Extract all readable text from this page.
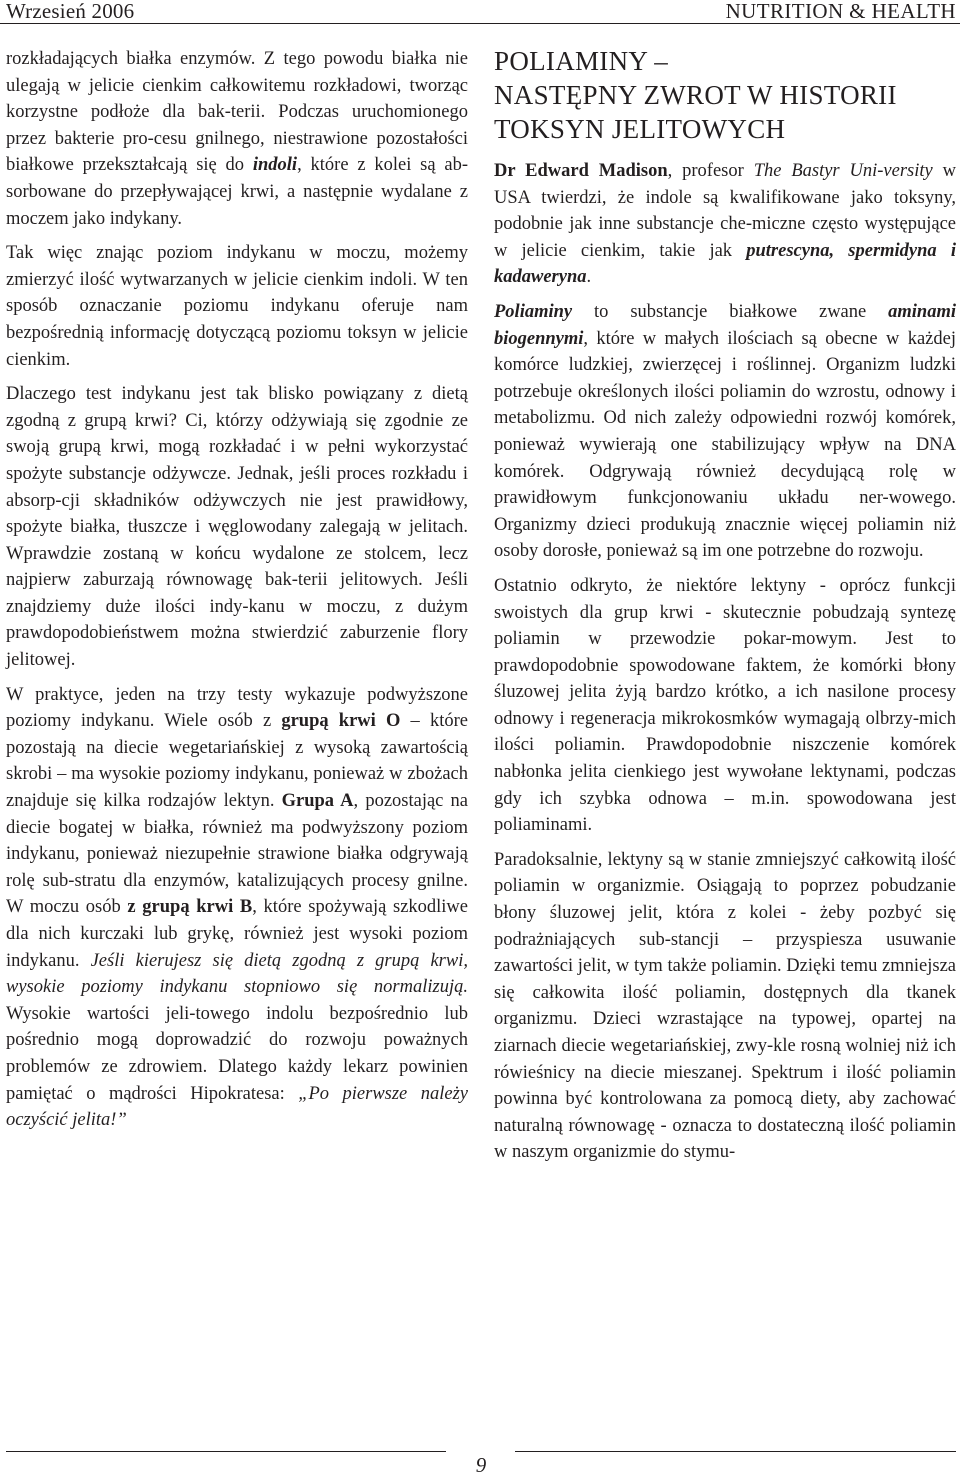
Wrzesień 2006	NUTRITION & HEALTH

rozkładających białka enzymów. Z tego powodu białka nie ulegają w jelicie cienkim całkowitemu rozkładowi, tworząc korzystne podłoże dla bak-terii. Podczas uruchomionego przez bakterie pro-cesu gnilnego, niestrawione pozostałości białkowe przekształcają się do indoli, które z kolei są ab-sorbowane do przepływającej krwi, a następnie wydalane z moczem jako indykany.

Tak więc znając poziom indykanu w moczu, możemy zmierzyć ilość wytwarzanych w jelicie cienkim indoli. W ten sposób oznaczanie poziomu indykanu oferuje nam bezpośrednią informację dotyczącą poziomu toksyn w jelicie cienkim.

Dlaczego test indykanu jest tak blisko powiązany z dietą zgodną z grupą krwi? Ci, którzy odżywiają się zgodnie ze swoją grupą krwi, mogą rozkładać i w pełni wykorzystać spożyte substancje odżywcze. Jednak, jeśli proces rozkładu i absorp-cji składników odżywczych nie jest prawidłowy, spożyte białka, tłuszcze i węglowodany zalegają w jelitach. Wprawdzie zostaną w końcu wydalone ze stolcem, lecz najpierw zaburzają równowagę bak-terii jelitowych. Jeśli znajdziemy duże ilości indy-kanu w moczu, z dużym prawdopodobieństwem można stwierdzić zaburzenie flory jelitowej.

W praktyce, jeden na trzy testy wykazuje podwyższone poziomy indykanu. Wiele osób z grupą krwi O – które pozostają na diecie wegetariańskiej z wysoką zawartością skrobi – ma wysokie poziomy indykanu, ponieważ w zbożach znajduje się kilka rodzajów lektyn. Grupa A, pozostając na diecie bogatej w białka, również ma podwyższony poziom indykanu, ponieważ niezupełnie strawione białka odgrywają rolę sub-stratu dla enzymów, katalizujących procesy gnilne. W moczu osób z grupą krwi B, które spożywają szkodliwe dla nich kurczaki lub grykę, również jest wysoki poziom indykanu. Jeśli kierujesz się dietą zgodną z grupą krwi, wysokie poziomy indykanu stopniowo się normalizują. Wysokie wartości jeli-towego indolu bezpośrednio lub pośrednio mogą doprowadzić do rozwoju poważnych problemów ze zdrowiem. Dlatego każdy lekarz powinien pamiętać o mądrości Hipokratesa: „Po pierwsze należy oczyścić jelita!”

POLIAMINY –
NASTĘPNY ZWROT W HISTORII
TOKSYN JELITOWYCH

Dr Edward Madison, profesor The Bastyr Uni-versity w USA twierdzi, że indole są kwalifikowane jako toksyny, podobnie jak inne substancje che-miczne często występujące w jelicie cienkim, takie jak putrescyna, spermidyna i kadaweryna.

Poliaminy to substancje białkowe zwane aminami biogennymi, które w małych ilościach są obecne w każdej komórce ludzkiej, zwierzęcej i roślinnej. Organizm ludzki potrzebuje określonych ilości poliamin do wzrostu, odnowy i metabolizmu. Od nich zależy odpowiedni rozwój komórek, ponieważ wywierają one stabilizujący wpływ na DNA komórek. Odgrywają również decydującą rolę w prawidłowym funkcjonowaniu układu ner-wowego. Organizmy dzieci produkują znacznie więcej poliamin niż osoby dorosłe, ponieważ są im one potrzebne do rozwoju.

Ostatnio odkryto, że niektóre lektyny - oprócz funkcji swoistych dla grup krwi - skutecznie pobudzają syntezę poliamin w przewodzie pokar-mowym. Jest to prawdopodobnie spowodowane faktem, że komórki błony śluzowej jelita żyją bardzo krótko, a ich nasilone procesy odnowy i regeneracja mikrokosmków wymagają olbrzy-mich ilości poliamin. Prawdopodobnie niszczenie komórek nabłonka jelita cienkiego jest wywołane lektynami, podczas gdy ich szybka odnowa – m.in. spowodowana jest poliaminami.

Paradoksalnie, lektyny są w stanie zmniejszyć całkowitą ilość poliamin w organizmie. Osiągają to poprzez pobudzanie błony śluzowej jelit, która z kolei - żeby pozbyć się podrażniających sub-stancji – przyspiesza usuwanie zawartości jelit, w tym także poliamin. Dzięki temu zmniejsza się całkowita ilość poliamin, dostępnych dla tkanek organizmu. Dzieci wzrastające na typowej, opartej na ziarnach diecie wegetariańskiej, zwy-kle rosną wolniej niż ich rówieśnicy na diecie mieszanej. Spektrum i ilość poliamin powinna być kontrolowana za pomocą diety, aby zachować naturalną równowagę - oznacza to dostateczną ilość poliamin w naszym organizmie do stymu-

9
